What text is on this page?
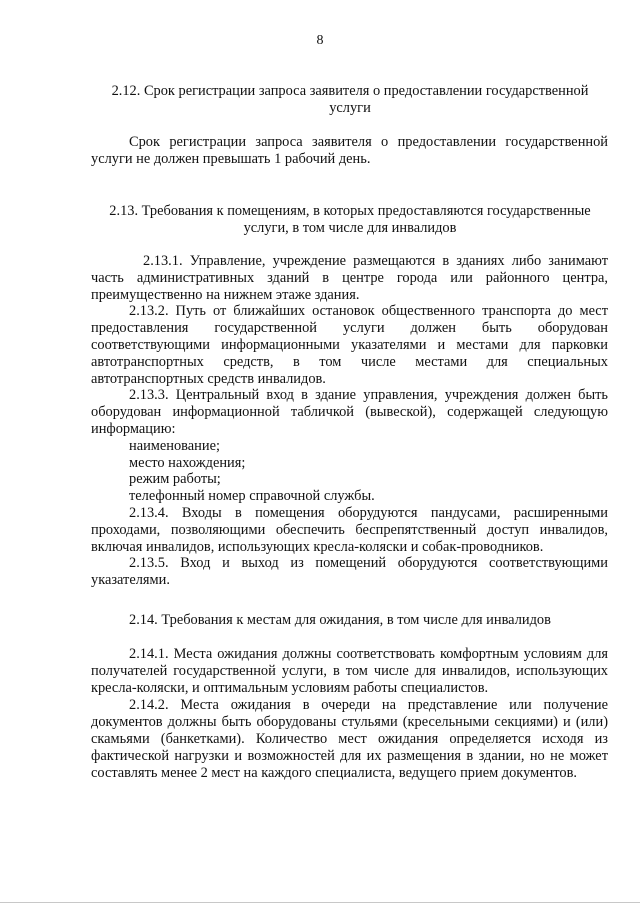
8
2.12. Срок регистрации запроса заявителя о предоставлении государственной услуги

Срок регистрации запроса заявителя о предоставлении государственной услуги не должен превышать 1 рабочий день.

2.13. Требования к помещениям, в которых предоставляются государственные услуги, в том числе для инвалидов

2.13.1. Управление, учреждение размещаются в зданиях либо занимают часть административных зданий в центре города или районного центра, преимущественно на нижнем этаже здания.

2.13.2. Путь от ближайших остановок общественного транспорта до мест предоставления государственной услуги должен быть оборудован соответствующими информационными указателями и местами для парковки автотранспортных средств, в том числе местами для специальных автотранспортных средств инвалидов.

2.13.3. Центральный вход в здание управления, учреждения должен быть оборудован информационной табличкой (вывеской), содержащей следующую информацию:

наименование;

место нахождения;

режим работы;

телефонный номер справочной службы.

2.13.4. Входы в помещения оборудуются пандусами, расширенными проходами, позволяющими обеспечить беспрепятственный доступ инвалидов, включая инвалидов, использующих кресла-коляски и собак-проводников.

2.13.5. Вход и выход из помещений оборудуются соответствующими указателями.

2.14. Требования к местам для ожидания, в том числе для инвалидов

2.14.1. Места ожидания должны соответствовать комфортным условиям для получателей государственной услуги, в том числе для инвалидов, использующих кресла-коляски, и оптимальным условиям работы специалистов.

2.14.2. Места ожидания в очереди на представление или получение документов должны быть оборудованы стульями (кресельными секциями) и (или) скамьями (банкетками). Количество мест ожидания определяется исходя из фактической нагрузки и возможностей для их размещения в здании, но не может составлять менее 2 мест на каждого специалиста, ведущего прием документов.
